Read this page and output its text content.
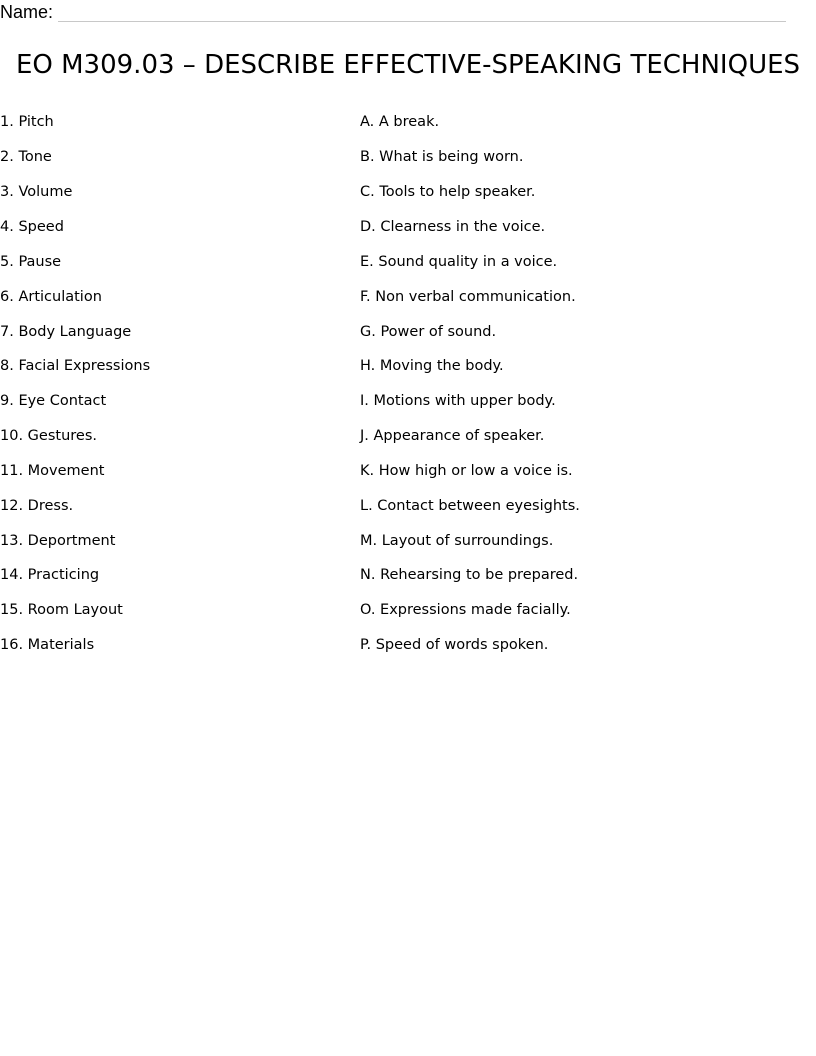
Name:
EO M309.03 – DESCRIBE EFFECTIVE-SPEAKING TECHNIQUES
1. Pitch
2. Tone
3. Volume
4. Speed
5. Pause
6. Articulation
7. Body Language
8. Facial Expressions
9. Eye Contact
10. Gestures.
11. Movement
12. Dress.
13. Deportment
14. Practicing
15. Room Layout
16. Materials
A. A break.
B. What is being worn.
C. Tools to help speaker.
D. Clearness in the voice.
E. Sound quality in a voice.
F. Non verbal communication.
G. Power of sound.
H. Moving the body.
I. Motions with upper body.
J. Appearance of speaker.
K. How high or low a voice is.
L. Contact between eyesights.
M. Layout of surroundings.
N. Rehearsing to be prepared.
O. Expressions made facially.
P. Speed of words spoken.
